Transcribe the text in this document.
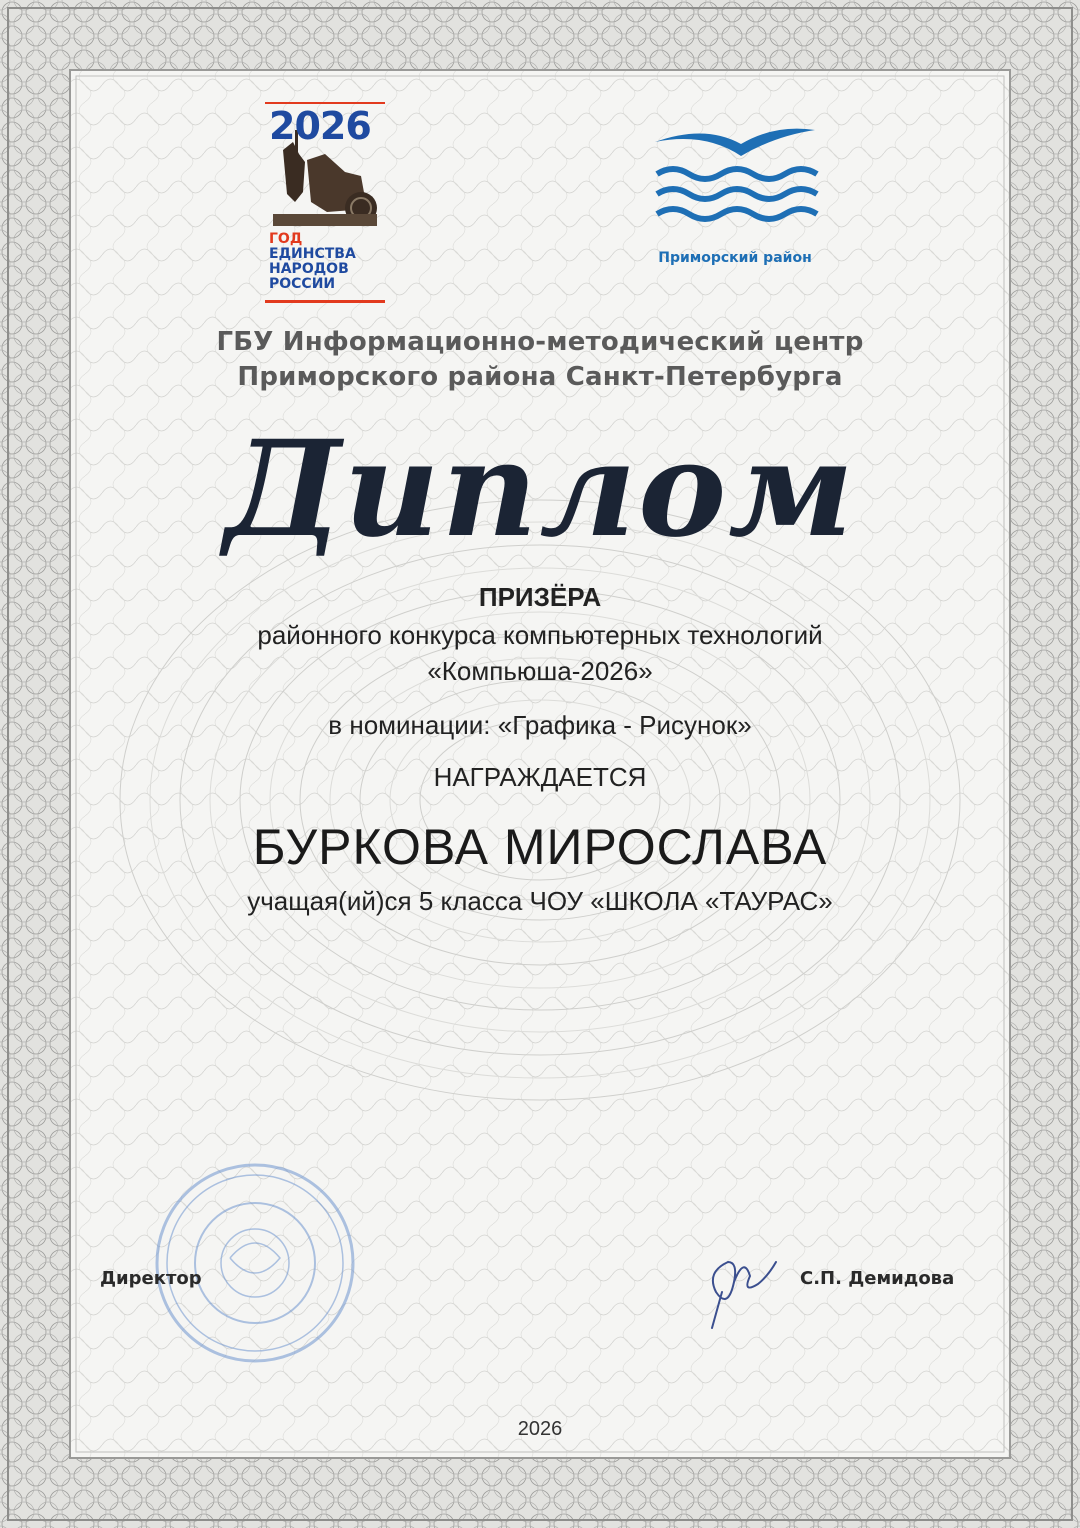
2026
ГОД
ЕДИНСТВА
НАРОДОВ
РОССИИ
Приморский район
ГБУ Информационно-методический центр
Приморского района Санкт-Петербурга
Диплом
ПРИЗЁРА
районного конкурса компьютерных технологий
«Компьюша-2026»
в номинации: «Графика - Рисунок»
НАГРАЖДАЕТСЯ
БУРКОВА МИРОСЛАВА
учащая(ий)ся 5 класса ЧОУ «ШКОЛА «ТАУРАС»
Директор	С.П. Демидова
2026
